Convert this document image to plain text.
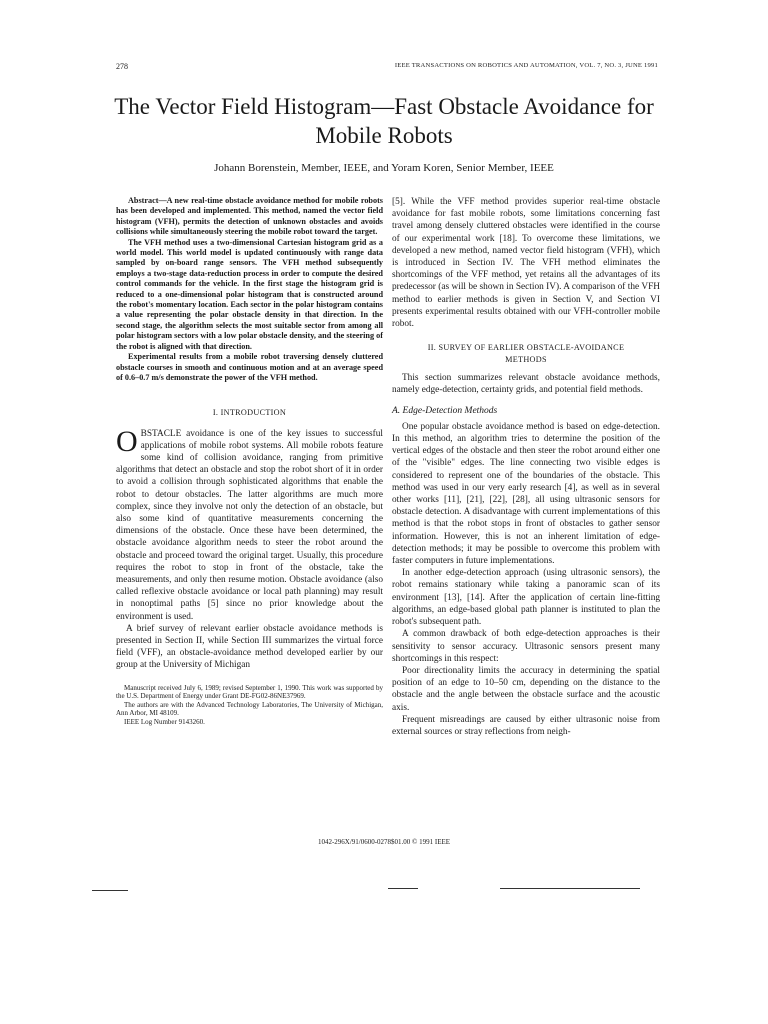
278	IEEE TRANSACTIONS ON ROBOTICS AND AUTOMATION, VOL. 7, NO. 3, JUNE 1991
The Vector Field Histogram—Fast Obstacle Avoidance for Mobile Robots
Johann Borenstein, Member, IEEE, and Yoram Koren, Senior Member, IEEE

Abstract—A new real-time obstacle avoidance method for mobile robots has been developed and implemented. This method, named the vector field histogram (VFH), permits the detection of unknown obstacles and avoids collisions while simultaneously steering the mobile robot toward the target.

The VFH method uses a two-dimensional Cartesian histogram grid as a world model. This world model is updated continuously with range data sampled by on-board range sensors. The VFH method subsequently employs a two-stage data-reduction process in order to compute the desired control commands for the vehicle. In the first stage the histogram grid is reduced to a one-dimensional polar histogram that is constructed around the robot's momentary location. Each sector in the polar histogram contains a value representing the polar obstacle density in that direction. In the second stage, the algorithm selects the most suitable sector from among all polar histogram sectors with a low polar obstacle density, and the steering of the robot is aligned with that direction.

Experimental results from a mobile robot traversing densely cluttered obstacle courses in smooth and continuous motion and at an average speed of 0.6–0.7 m/s demonstrate the power of the VFH method.

I. INTRODUCTION

OBSTACLE avoidance is one of the key issues to successful applications of mobile robot systems. All mobile robots feature some kind of collision avoidance, ranging from primitive algorithms that detect an obstacle and stop the robot short of it in order to avoid a collision through sophisticated algorithms that enable the robot to detour obstacles. The latter algorithms are much more complex, since they involve not only the detection of an obstacle, but also some kind of quantitative measurements concerning the dimensions of the obstacle. Once these have been determined, the obstacle avoidance algorithm needs to steer the robot around the obstacle and proceed toward the original target. Usually, this procedure requires the robot to stop in front of the obstacle, take the measurements, and only then resume motion. Obstacle avoidance (also called reflexive obstacle avoidance or local path planning) may result in nonoptimal paths [5] since no prior knowledge about the environment is used.

A brief survey of relevant earlier obstacle avoidance methods is presented in Section II, while Section III summarizes the virtual force field (VFF), an obstacle-avoidance method developed earlier by our group at the University of Michigan

Manuscript received July 6, 1989; revised September 1, 1990. This work was supported by the U.S. Department of Energy under Grant DE-FG02-86NE37969.

The authors are with the Advanced Technology Laboratories, The University of Michigan, Ann Arbor, MI 48109.

IEEE Log Number 9143260.

[5]. While the VFF method provides superior real-time obstacle avoidance for fast mobile robots, some limitations concerning fast travel among densely cluttered obstacles were identified in the course of our experimental work [18]. To overcome these limitations, we developed a new method, named vector field histogram (VFH), which is introduced in Section IV. The VFH method eliminates the shortcomings of the VFF method, yet retains all the advantages of its predecessor (as will be shown in Section IV). A comparison of the VFH method to earlier methods is given in Section V, and Section VI presents experimental results obtained with our VFH-controller mobile robot.

II. SURVEY OF EARLIER OBSTACLE-AVOIDANCE
METHODS

This section summarizes relevant obstacle avoidance methods, namely edge-detection, certainty grids, and potential field methods.

A. Edge-Detection Methods

One popular obstacle avoidance method is based on edge-detection. In this method, an algorithm tries to determine the position of the vertical edges of the obstacle and then steer the robot around either one of the "visible" edges. The line connecting two visible edges is considered to represent one of the boundaries of the obstacle. This method was used in our very early research [4], as well as in several other works [11], [21], [22], [28], all using ultrasonic sensors for obstacle detection. A disadvantage with current implementations of this method is that the robot stops in front of obstacles to gather sensor information. However, this is not an inherent limitation of edge-detection methods; it may be possible to overcome this problem with faster computers in future implementations.

In another edge-detection approach (using ultrasonic sensors), the robot remains stationary while taking a panoramic scan of its environment [13], [14]. After the application of certain line-fitting algorithms, an edge-based global path planner is instituted to plan the robot's subsequent path.

A common drawback of both edge-detection approaches is their sensitivity to sensor accuracy. Ultrasonic sensors present many shortcomings in this respect:

Poor directionality limits the accuracy in determining the spatial position of an edge to 10–50 cm, depending on the distance to the obstacle and the angle between the obstacle surface and the acoustic axis.

Frequent misreadings are caused by either ultrasonic noise from external sources or stray reflections from neigh-

1042-296X/91/0600-0278$01.00 © 1991 IEEE
